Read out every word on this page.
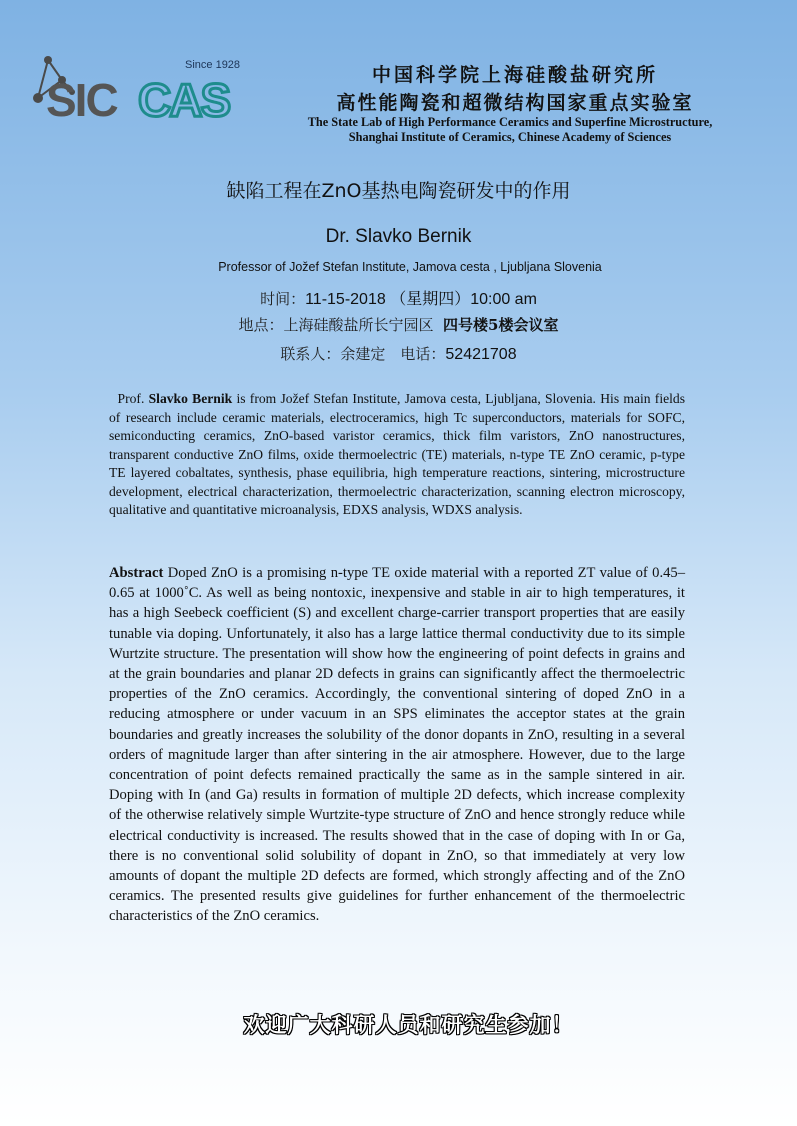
SIC CAS
Since 1928	中国科学院上海硅酸盐研究所
高性能陶瓷和超微结构国家重点实验室
The State Lab of High Performance Ceramics and Superfine Microstructure,
Shanghai Institute of Ceramics, Chinese Academy of Sciences
缺陷工程在ZnO基热电陶瓷研发中的作用
Dr. Slavko Bernik
Professor of Jožef Stefan Institute, Jamova cesta , Ljubljana Slovenia
时间：11-15-2018 （星期四）10:00 am
地点：上海硅酸盐所长宁园区 四号楼5楼会议室
联系人：余建定　电话：52421708
Prof. Slavko Bernik is from Jožef Stefan Institute, Jamova cesta, Ljubljana, Slovenia. His main fields of research include ceramic materials, electroceramics, high Tc superconductors, materials for SOFC, semiconducting ceramics, ZnO-based varistor ceramics, thick film varistors, ZnO nanostructures, transparent conductive ZnO films, oxide thermoelectric (TE) materials, n-type TE ZnO ceramic, p-type TE layered cobaltates, synthesis, phase equilibria, high temperature reactions, sintering, microstructure development, electrical characterization, thermoelectric characterization, scanning electron microscopy, qualitative and quantitative microanalysis, EDXS analysis, WDXS analysis.
Abstract Doped ZnO is a promising n-type TE oxide material with a reported ZT value of 0.45–0.65 at 1000˚C. As well as being nontoxic, inexpensive and stable in air to high temperatures, it has a high Seebeck coefficient (S) and excellent charge-carrier transport properties that are easily tunable via doping. Unfortunately, it also has a large lattice thermal conductivity due to its simple Wurtzite structure. The presentation will show how the engineering of point defects in grains and at the grain boundaries and planar 2D defects in grains can significantly affect the thermoelectric properties of the ZnO ceramics. Accordingly, the conventional sintering of doped ZnO in a reducing atmosphere or under vacuum in an SPS eliminates the acceptor states at the grain boundaries and greatly increases the solubility of the donor dopants in ZnO, resulting in a several orders of magnitude larger than after sintering in the air atmosphere. However, due to the large concentration of point defects remained practically the same as in the sample sintered in air. Doping with In (and Ga) results in formation of multiple 2D defects, which increase complexity of the otherwise relatively simple Wurtzite-type structure of ZnO and hence strongly reduce while electrical conductivity is increased. The results showed that in the case of doping with In or Ga, there is no conventional solid solubility of dopant in ZnO, so that immediately at very low amounts of dopant the multiple 2D defects are formed, which strongly affecting and of the ZnO ceramics. The presented results give guidelines for further enhancement of the thermoelectric characteristics of the ZnO ceramics.
欢迎广大科研人员和研究生参加！
